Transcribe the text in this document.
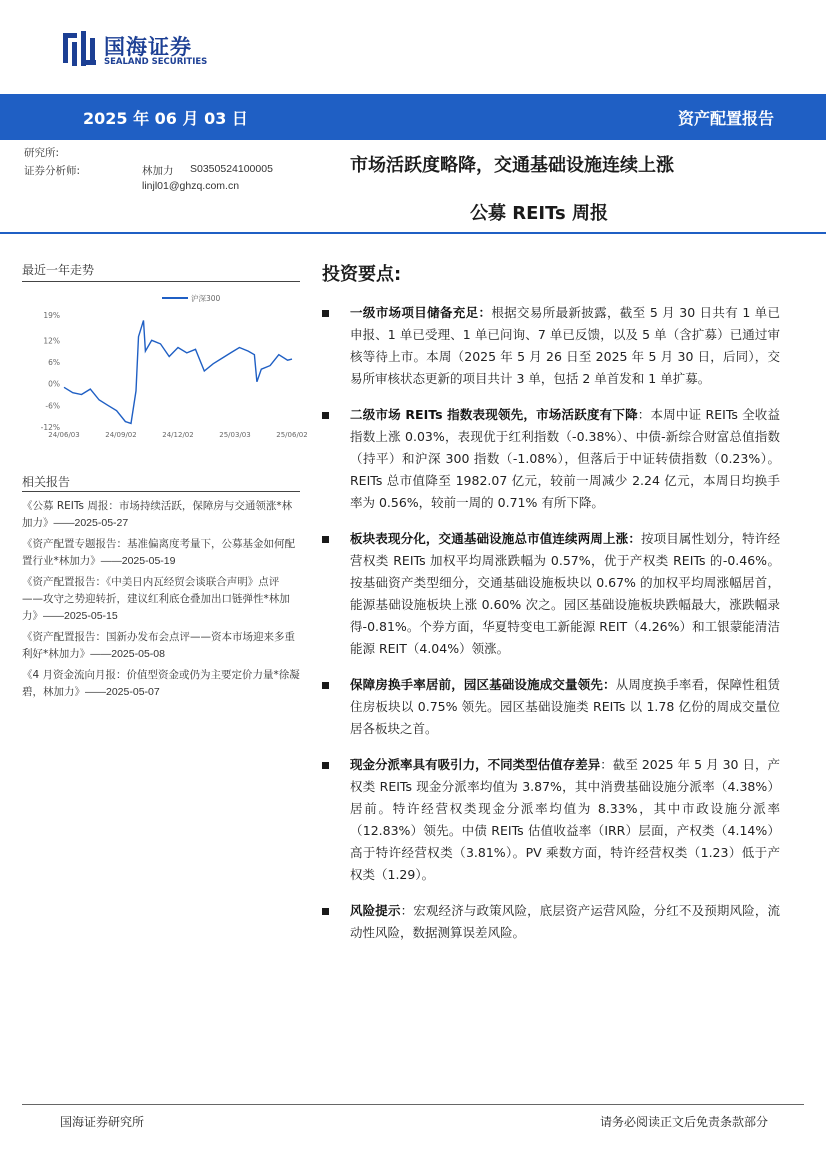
国海证券
SEALAND SECURITIES
2025 年 06 月 03 日	资产配置报告
研究所:
证券分析师:	林加力 S0350524100005
linjl01@ghzq.com.cn
市场活跃度略降，交通基础设施连续上涨
公募 REITs 周报
最近一年走势
沪深300
19%
12%
6%
0%
-6%
-12%
24/06/03	24/09/02	24/12/02	25/03/03	25/06/02
相关报告
《公募 REITs 周报：市场持续活跃，保障房与交通领涨*林加力》——2025-05-27
《资产配置专题报告：基准偏离度考量下，公募基金如何配置行业*林加力》——2025-05-19
《资产配置报告：《中美日内瓦经贸会谈联合声明》点评——攻守之势迎转折，建议红利底仓叠加出口链弹性*林加力》——2025-05-15
《资产配置报告：国新办发布会点评——资本市场迎来多重利好*林加力》——2025-05-08
《4 月资金流向月报：价值型资金或仍为主要定价力量*徐凝碧，林加力》——2025-05-07
投资要点:
一级市场项目储备充足：根据交易所最新披露，截至 5 月 30 日共有 1 单已申报、1 单已受理、1 单已问询、7 单已反馈，以及 5 单（含扩募）已通过审核等待上市。本周（2025 年 5 月 26 日至 2025 年 5 月 30 日，后同），交易所审核状态更新的项目共计 3 单，包括 2 单首发和 1 单扩募。
二级市场 REITs 指数表现领先，市场活跃度有下降：本周中证 REITs 全收益指数上涨 0.03%，表现优于红利指数（-0.38%）、中债-新综合财富总值指数（持平）和沪深 300 指数（-1.08%），但落后于中证转债指数（0.23%）。REITs 总市值降至 1982.07 亿元，较前一周减少 2.24 亿元，本周日均换手率为 0.56%，较前一周的 0.71% 有所下降。
板块表现分化，交通基础设施总市值连续两周上涨：按项目属性划分，特许经营权类 REITs 加权平均周涨跌幅为 0.57%，优于产权类 REITs 的-0.46%。按基础资产类型细分，交通基础设施板块以 0.67% 的加权平均周涨幅居首，能源基础设施板块上涨 0.60% 次之。园区基础设施板块跌幅最大，涨跌幅录得-0.81%。个券方面，华夏特变电工新能源 REIT（4.26%）和工银蒙能清洁能源 REIT（4.04%）领涨。
保障房换手率居前，园区基础设施成交量领先：从周度换手率看，保障性租赁住房板块以 0.75% 领先。园区基础设施类 REITs 以 1.78 亿份的周成交量位居各板块之首。
现金分派率具有吸引力，不同类型估值存差异：截至 2025 年 5 月 30 日，产权类 REITs 现金分派率均值为 3.87%，其中消费基础设施分派率（4.38%）居前。特许经营权类现金分派率均值为 8.33%，其中市政设施分派率（12.83%）领先。中债 REITs 估值收益率（IRR）层面，产权类（4.14%）高于特许经营权类（3.81%）。PV 乘数方面，特许经营权类（1.23）低于产权类（1.29）。
风险提示：宏观经济与政策风险，底层资产运营风险，分红不及预期风险，流动性风险，数据测算误差风险。
国海证券研究所	请务必阅读正文后免责条款部分
